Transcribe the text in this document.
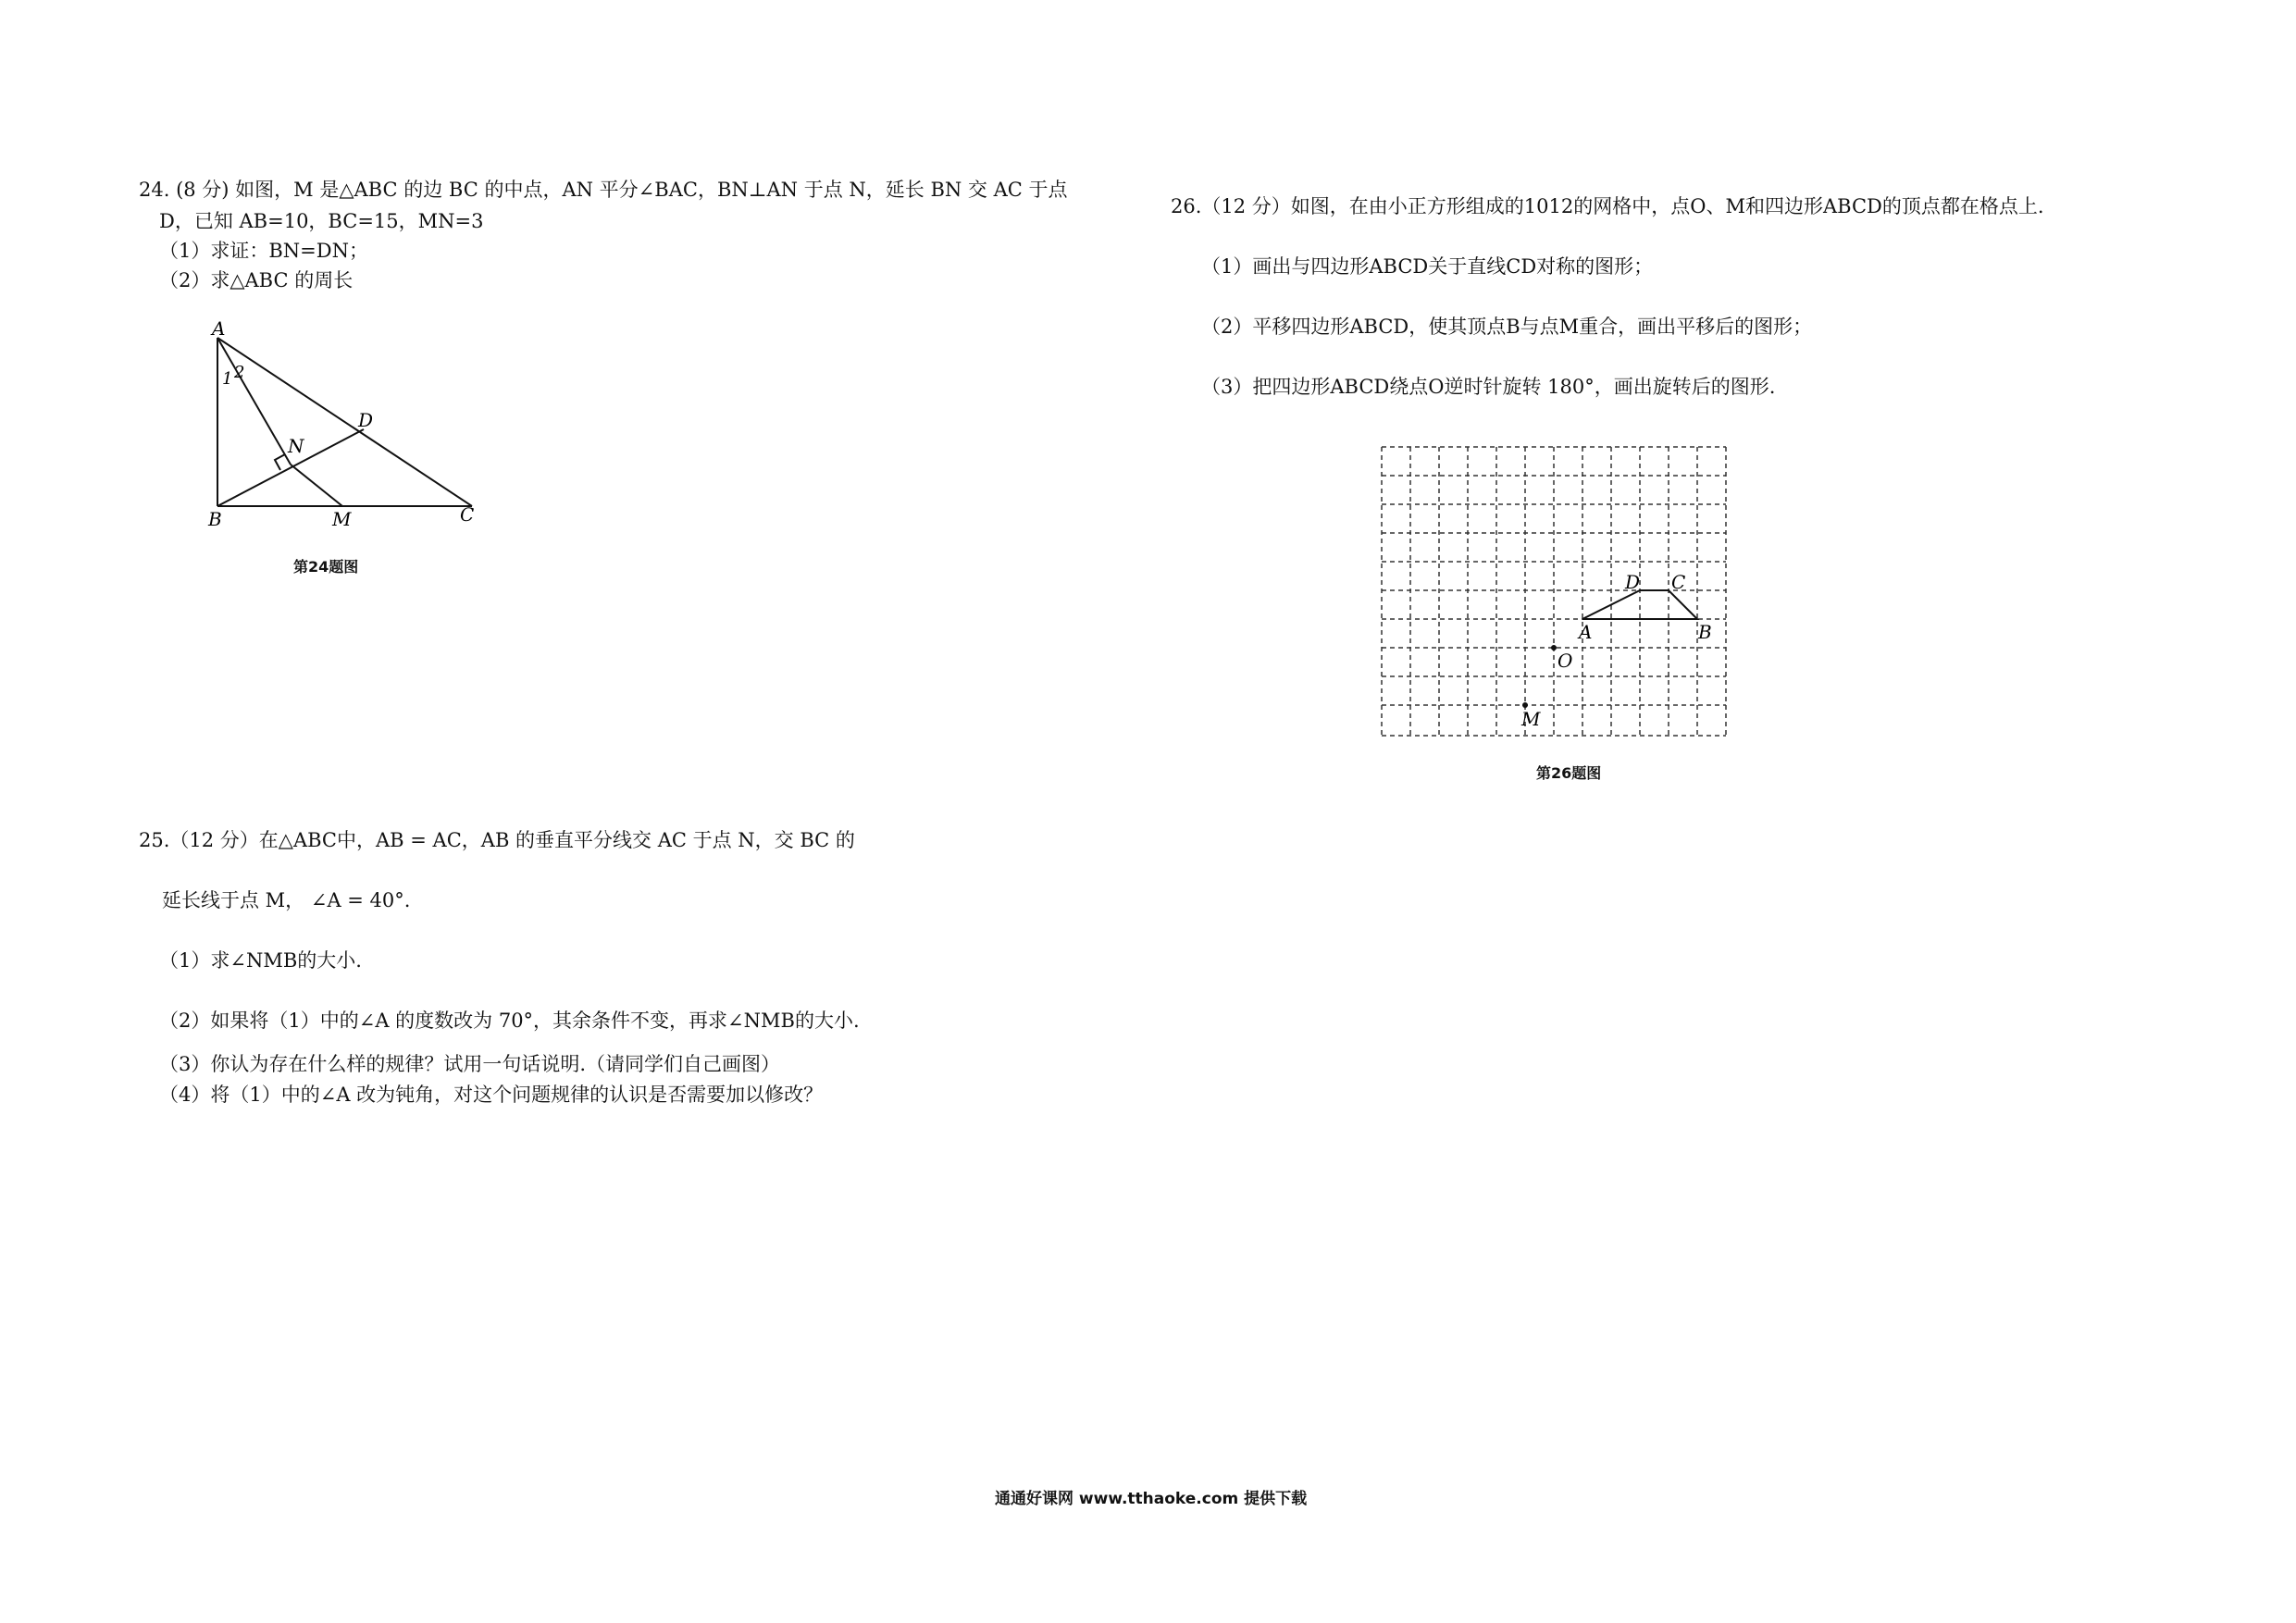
24. (8 分) 如图，M 是△ABC 的边 BC 的中点，AN 平分∠BAC，BN⊥AN 于点 N，延长 BN 交 AC 于点
D，已知 AB=10，BC=15，MN=3
（1）求证：BN=DN；
（2）求△ABC 的周长
A
B	C
D
N
M
1 2
第24题图
25.（12 分）在△ABC中，AB = AC，AB 的垂直平分线交 AC 于点 N，交 BC 的
延长线于点 M， ∠A = 40°.
（1）求∠NMB的大小.
（2）如果将（1）中的∠A 的度数改为 70°，其余条件不变，再求∠NMB的大小.
（3）你认为存在什么样的规律？试用一句话说明.（请同学们自己画图）
（4）将（1）中的∠A 改为钝角，对这个问题规律的认识是否需要加以修改？
26.（12 分）如图，在由小正方形组成的1012的网格中，点O、M和四边形ABCD的顶点都在格点上.
（1）画出与四边形ABCD关于直线CD对称的图形；
（2）平移四边形ABCD，使其顶点B与点M重合，画出平移后的图形；
（3）把四边形ABCD绕点O逆时针旋转 180°，画出旋转后的图形.
A	B
C
D
O
M
第26题图
通通好课网 www.tthaoke.com 提供下载
